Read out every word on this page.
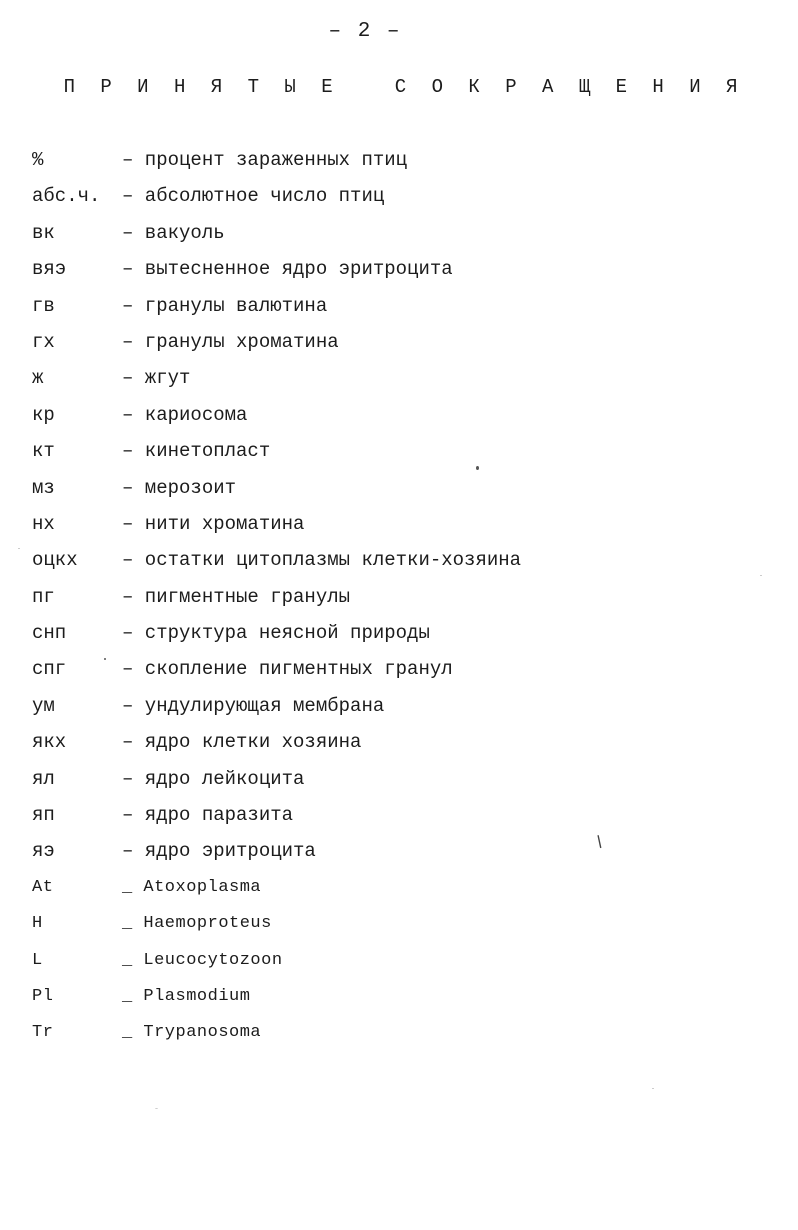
– 2 –
П Р И Н Я Т Ы Е   С О К Р А Щ Е Н И Я
%	– процент зараженных птиц
абс.ч. – абсолютное число птиц
вк	– вакуоль
вяэ	– вытесненное ядро эритроцита
гв	– гранулы валютина
гх	– гранулы хроматина
ж	– жгут
кр	– кариосома
кт	– кинетопласт
мз	– мерозоит
нх	– нити хроматина
оцкх – остатки цитоплазмы клетки-хозяина
пг	– пигментные гранулы
снп	– структура неясной природы
спг	– скопление пигментных гранул
ум	– ундулирующая мембрана
якх	– ядро клетки хозяина
ял	– ядро лейкоцита
яп	– ядро паразита
яэ	– ядро эритроцита
At	_ Atoxoplasma
H	_ Haemoproteus
L	_ Leucocytozoon
Pl	_ Plasmodium
Tr	_ Trypanosoma
ꟾ
